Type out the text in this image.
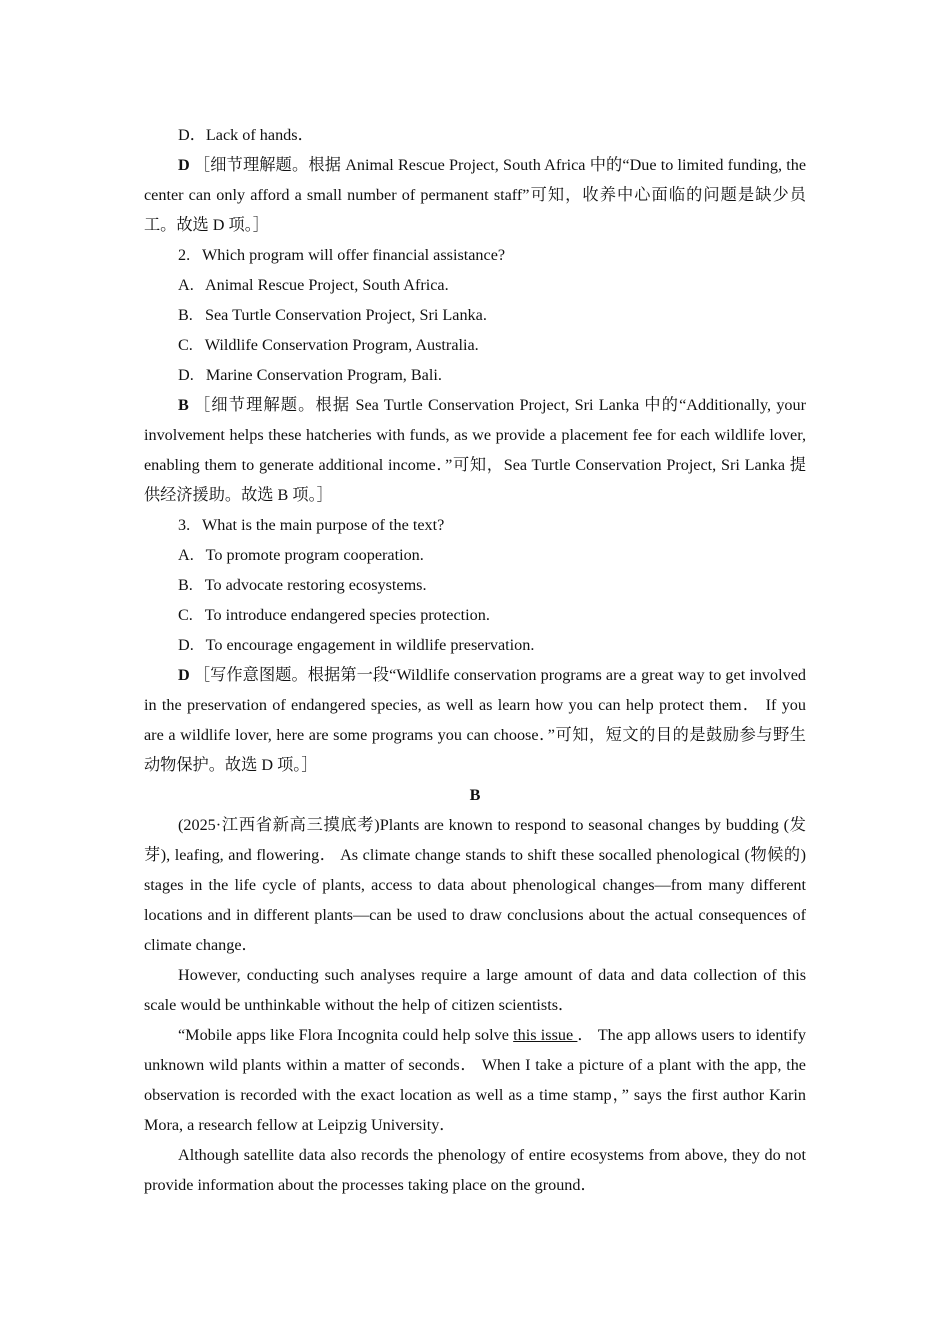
D．Lack of hands．

D ［细节理解题。根据 Animal Rescue Project, South Africa 中的“Due to limited funding, the center can only afford a small number of permanent staff”可知，收养中心面临的问题是缺少员工。故选 D 项。］

2.   Which program will offer financial assistance?

A.   Animal Rescue Project, South Africa.

B.   Sea Turtle Conservation Project, Sri Lanka.

C.   Wildlife Conservation Program, Australia.

D.   Marine Conservation Program, Bali.

B ［细节理解题。根据 Sea Turtle Conservation Project, Sri Lanka 中的“Additionally, your involvement helps these hatcheries with funds, as we provide a placement fee for each wildlife lover, enabling them to generate additional income．”可知，Sea Turtle Conservation Project, Sri Lanka 提供经济援助。故选 B 项。］

3.   What is the main purpose of the text?

A.   To promote program cooperation.

B.   To advocate restoring ecosystems.

C.   To introduce endangered species protection.

D.   To encourage engagement in wildlife preservation.

D ［写作意图题。根据第一段“Wildlife conservation programs are a great way to get involved in the preservation of endangered species, as well as learn how you can help protect them． If you are a wildlife lover, here are some programs you can choose．”可知，短文的目的是鼓励参与野生动物保护。故选 D 项。］

B

(2025·江西省新高三摸底考)Plants are known to respond to seasonal changes by budding (发芽), leafing, and flowering． As climate change stands to shift these socalled phenological (物候的) stages in the life cycle of plants, access to data about phenological changes—from many different locations and in different plants—can be used to draw conclusions about the actual consequences of climate change．

However, conducting such analyses require a large amount of data and data collection of this scale would be unthinkable without the help of citizen scientists．

“Mobile apps like Flora Incognita could help solve this issue ． The app allows users to identify unknown wild plants within a matter of seconds． When I take a picture of a plant with the app, the observation is recorded with the exact location as well as a time stamp，” says the first author Karin Mora, a research fellow at Leipzig University．

Although satellite data also records the phenology of entire ecosystems from above, they do not provide information about the processes taking place on the ground．
